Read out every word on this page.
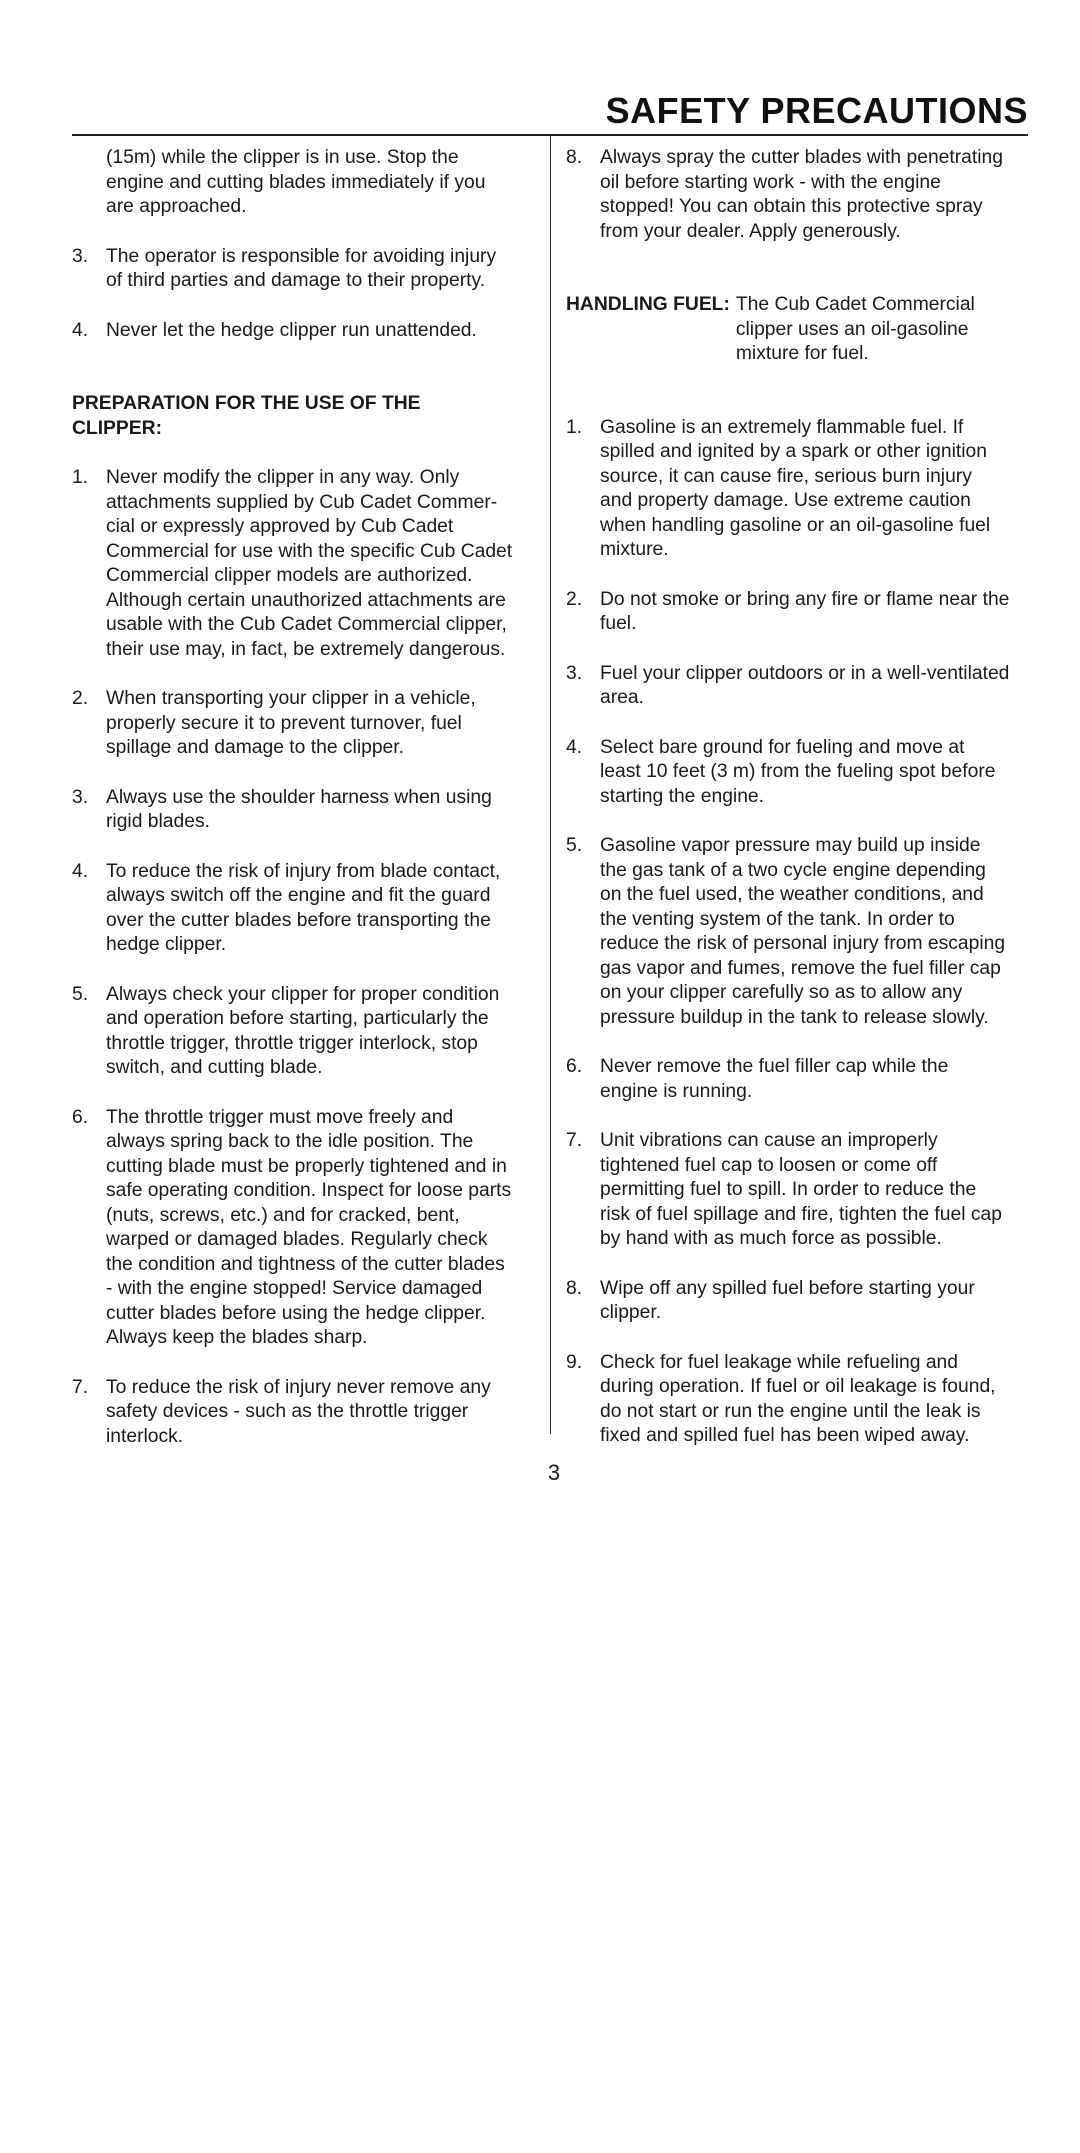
SAFETY PRECAUTIONS

(15m) while the clipper is in use. Stop the
engine and cutting blades immediately if you
are approached.

3. The operator is responsible for avoiding injury
of third parties and damage to their property.
4. Never let the hedge clipper run unattended.

PREPARATION FOR THE USE OF THE
CLIPPER:

1. Never modify the clipper in any way. Only
attachments supplied by Cub Cadet Commer-
cial or expressly approved by Cub Cadet
Commercial for use with the specific Cub Cadet
Commercial clipper models are authorized.
Although certain unauthorized attachments are
usable with the Cub Cadet Commercial clipper,
their use may, in fact, be extremely dangerous.
2. When transporting your clipper in a vehicle,
properly secure it to prevent turnover, fuel
spillage and damage to the clipper.
3. Always use the shoulder harness when using
rigid blades.
4. To reduce the risk of injury from blade contact,
always switch off the engine and fit the guard
over the cutter blades before transporting the
hedge clipper.
5. Always check your clipper for proper condition
and operation before starting, particularly the
throttle trigger, throttle trigger interlock, stop
switch, and cutting blade.
6. The throttle trigger must move freely and
always spring back to the idle position. The
cutting blade must be properly tightened and in
safe operating condition. Inspect for loose parts
(nuts, screws, etc.) and for cracked, bent,
warped or damaged blades. Regularly check
the condition and tightness of the cutter blades
- with the engine stopped! Service damaged
cutter blades before using the hedge clipper.
Always keep the blades sharp.
7. To reduce the risk of injury never remove any
safety devices - such as the throttle trigger
interlock.
8. Always spray the cutter blades with penetrating
oil before starting work - with the engine
stopped! You can obtain this protective spray
from your dealer. Apply generously.
HANDLING FUEL: The Cub Cadet Commercial
clipper uses an oil-gasoline
mixture for fuel.
1. Gasoline is an extremely flammable fuel. If
spilled and ignited by a spark or other ignition
source, it can cause fire, serious burn injury
and property damage. Use extreme caution
when handling gasoline or an oil-gasoline fuel
mixture.
2. Do not smoke or bring any fire or flame near the
fuel.
3. Fuel your clipper outdoors or in a well-ventilated
area.
4. Select bare ground for fueling and move at
least 10 feet (3 m) from the fueling spot before
starting the engine.
5. Gasoline vapor pressure may build up inside
the gas tank of a two cycle engine depending
on the fuel used, the weather conditions, and
the venting system of the tank. In order to
reduce the risk of personal injury from escaping
gas vapor and fumes, remove the fuel filler cap
on your clipper carefully so as to allow any
pressure buildup in the tank to release slowly.
6. Never remove the fuel filler cap while the
engine is running.
7. Unit vibrations can cause an improperly
tightened fuel cap to loosen or come off
permitting fuel to spill. In order to reduce the
risk of fuel spillage and fire, tighten the fuel cap
by hand with as much force as possible.
8. Wipe off any spilled fuel before starting your
clipper.
9. Check for fuel leakage while refueling and
during operation. If fuel or oil leakage is found,
do not start or run the engine until the leak is
fixed and spilled fuel has been wiped away.

3
